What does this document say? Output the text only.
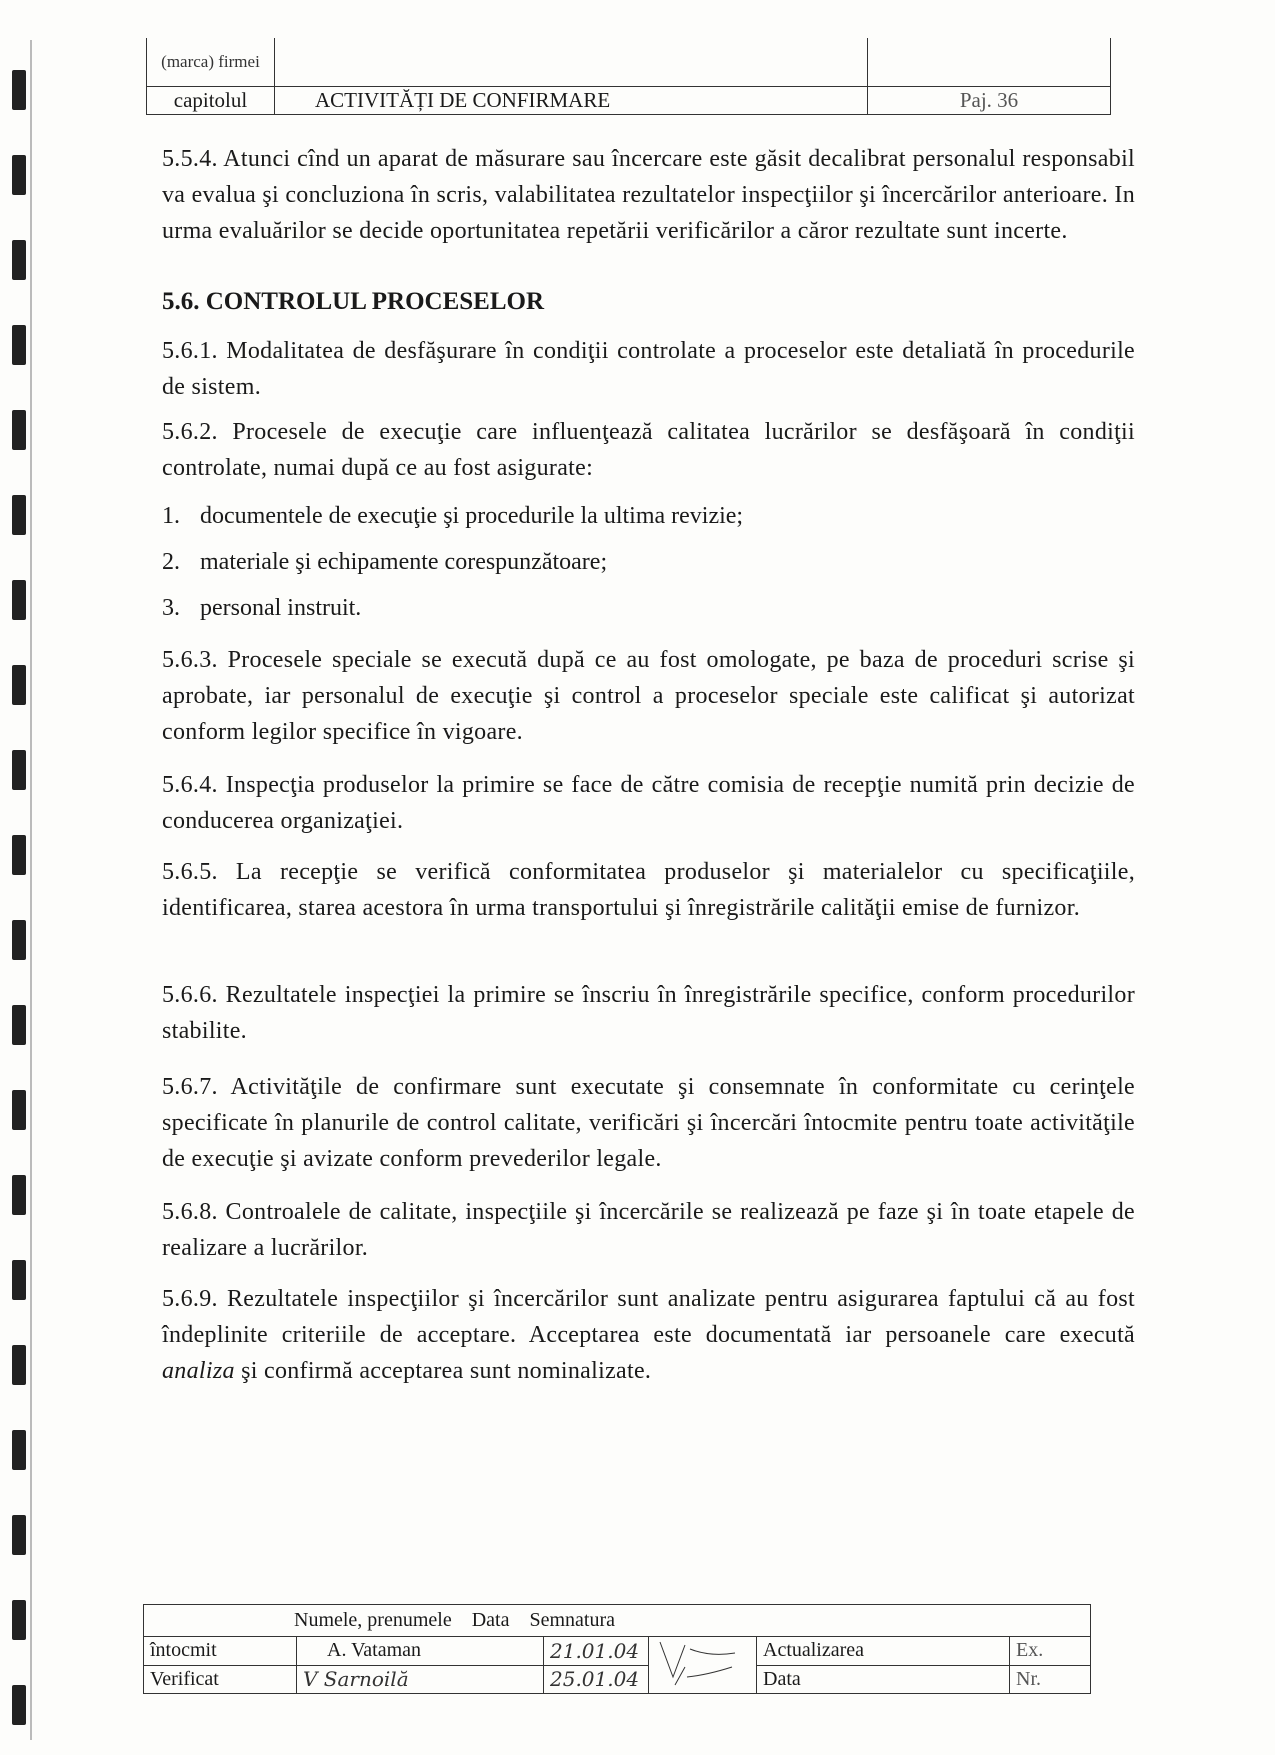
(marca) firmei		
capitolul	ACTIVITĂȚI DE CONFIRMARE	Paj. 36
5.5.4. Atunci cînd un aparat de măsurare sau încercare este găsit decalibrat personalul responsabil va evalua şi concluziona în scris, valabilitatea rezultatelor inspecţiilor şi încercărilor anterioare. In urma evaluărilor se decide oportunitatea repetării verificărilor a căror rezultate sunt incerte.
5.6. CONTROLUL PROCESELOR
5.6.1. Modalitatea de desfăşurare în condiţii controlate a proceselor este detaliată în procedurile de sistem.
5.6.2. Procesele de execuţie care influenţează calitatea lucrărilor se desfăşoară în condiţii controlate, numai după ce au fost asigurate:
1. documentele de execuţie şi procedurile la ultima revizie;
2. materiale şi echipamente corespunzătoare;
3. personal instruit.
5.6.3. Procesele speciale se execută după ce au fost omologate, pe baza de proceduri scrise şi aprobate, iar personalul de execuţie şi control a proceselor speciale este calificat şi autorizat conform legilor specifice în vigoare.
5.6.4. Inspecţia produselor la primire se face de către comisia de recepţie numită prin decizie de conducerea organizaţiei.
5.6.5. La recepţie se verifică conformitatea produselor şi materialelor cu specificaţiile, identificarea, starea acestora în urma transportului şi înregistrările calităţii emise de furnizor.
5.6.6. Rezultatele inspecţiei la primire se înscriu în înregistrările specifice, conform procedurilor stabilite.
5.6.7. Activităţile de confirmare sunt executate şi consemnate în conformitate cu cerinţele specificate în planurile de control calitate, verificări şi încercări întocmite pentru toate activităţile de execuţie şi avizate conform prevederilor legale.
5.6.8. Controalele de calitate, inspecţiile şi încercările se realizează pe faze şi în toate etapele de realizare a lucrărilor.
5.6.9. Rezultatele inspecţiilor şi încercărilor sunt analizate pentru asigurarea faptului că au fost îndeplinite criteriile de acceptare. Acceptarea este documentată iar persoanele care execută analiza şi confirmă acceptarea sunt nominalizate.
Numele, prenumele    Data    Semnatura					
întocmit	A. Vataman	21.01.04		Actualizarea	Ex.
Verificat	V Sarnoilă	25.01.04		Data	Nr.
